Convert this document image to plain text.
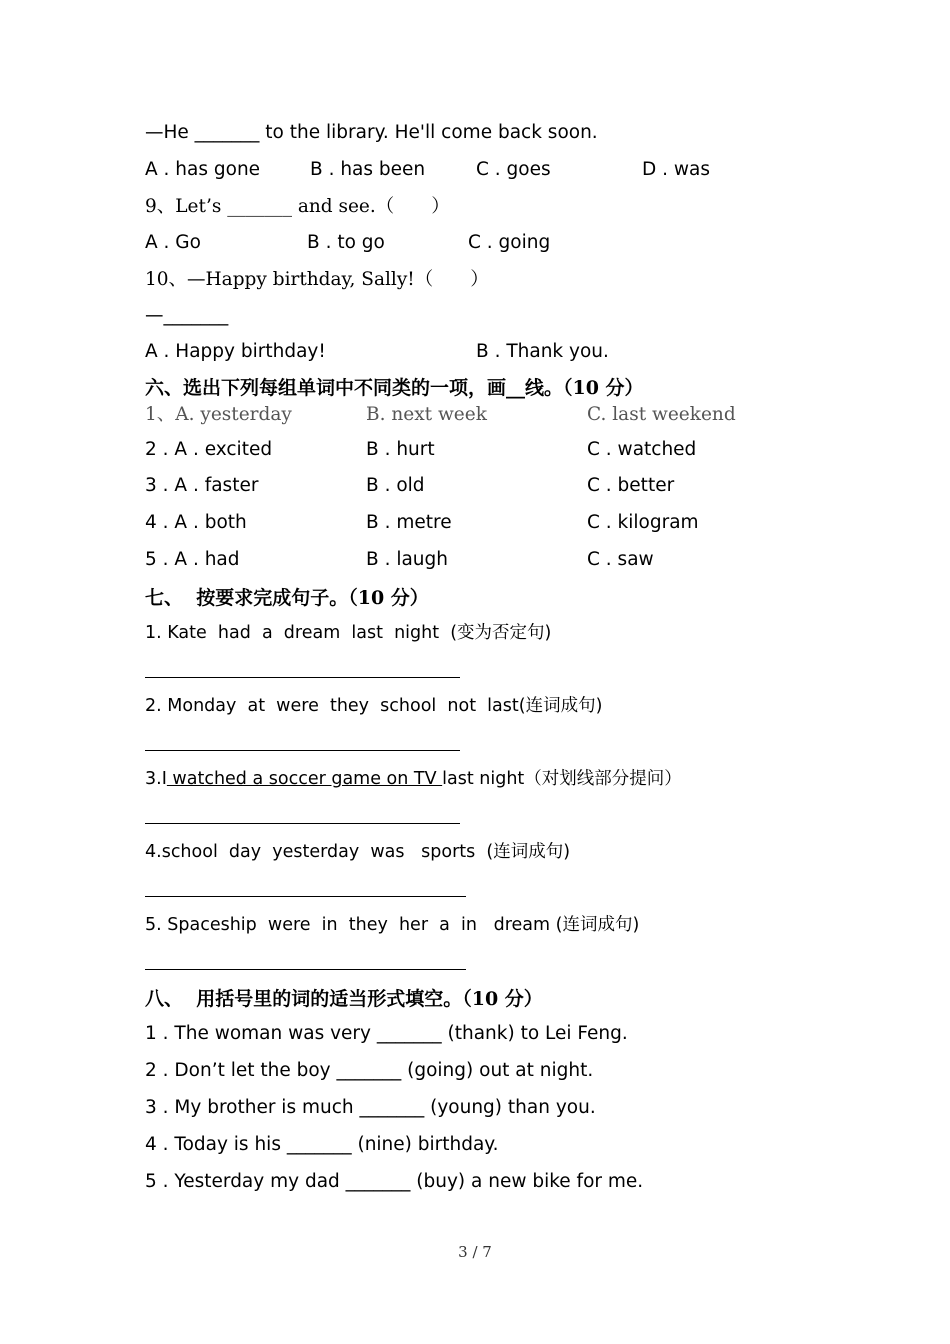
—He _______ to the library. He'll come back soon.
A . has gone	B . has been	C . goes	D . was
9、Let’s _______ and see.（　　）
A . Go	B . to go	C . going
10、—Happy birthday, Sally!（　　）
—_______
A . Happy birthday!	B . Thank you.
六、选出下列每组单词中不同类的一项，画__线。（10 分）
1、A. yesterday	B. next week	C. last weekend
2 . A . excited	B . hurt	C . watched
3 . A . faster	B . old	C . better
4 . A . both	B . metre	C . kilogram
5 . A . had	B . laugh	C . saw
七、  按要求完成句子。（10 分）
1. Kate  had  a  dream  last  night  (变为否定句)
2. Monday  at  were  they  school  not  last(连词成句)
3.I watched a soccer game on TV last night（对划线部分提问）
4.school  day  yesterday  was   sports  (连词成句)
5. Spaceship  were  in  they  her  a  in   dream (连词成句)
八、  用括号里的词的适当形式填空。（10 分）
1 . The woman was very _______ (thank) to Lei Feng.
2 . Don’t let the boy _______ (going) out at night.
3 . My brother is much _______ (young) than you.
4 . Today is his _______ (nine) birthday.
5 . Yesterday my dad _______ (buy) a new bike for me.
3 / 7
